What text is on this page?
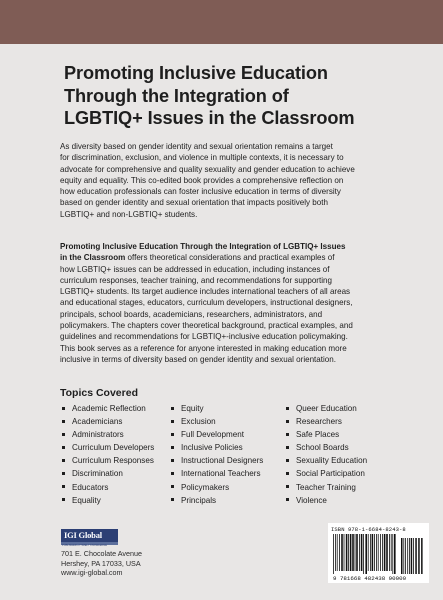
Promoting Inclusive Education
Through the Integration of
LGBTIQ+ Issues in the Classroom

As diversity based on gender identity and sexual orientation remains a target
for discrimination, exclusion, and violence in multiple contexts, it is necessary to
advocate for comprehensive and quality sexuality and gender education to achieve
equity and equality. This co-edited book provides a comprehensive reflection on
how education professionals can foster inclusive education in terms of diversity
based on gender identity and sexual orientation that impacts positively both
LGBTIQ+ and non-LGBTIQ+ students.

Promoting Inclusive Education Through the Integration of LGBTIQ+ Issues
in the Classroom offers theoretical considerations and practical examples of
how LGBTIQ+ issues can be addressed in education, including instances of
curriculum responses, teacher training, and recommendations for supporting
LGBTIQ+ students. Its target audience includes international teachers of all areas
and educational stages, educators, curriculum developers, instructional designers,
principals, school boards, academicians, researchers, administrators, and
policymakers. The chapters cover theoretical background, practical examples, and
guidelines and recommendations for LGBTIQ+-inclusive education policymaking.
This book serves as a reference for anyone interested in making education more
inclusive in terms of diversity based on gender identity and sexual orientation.

Topics Covered
Academic Reflection
Academicians
Administrators
Curriculum Developers
Curriculum Responses
Discrimination
Educators
Equality
Equity
Exclusion
Full Development
Inclusive Policies
Instructional Designers
International Teachers
Policymakers
Principals
Queer Education
Researchers
Safe Places
School Boards
Sexuality Education
Social Participation
Teacher Training
Violence
IGI Global
PUBLISHER of TIMELY KNOWLEDGE
701 E. Chocolate Avenue
Hershey, PA 17033, USA
www.igi-global.com
ISBN 978-1-6684-8243-8
9 781668 482438 90000
